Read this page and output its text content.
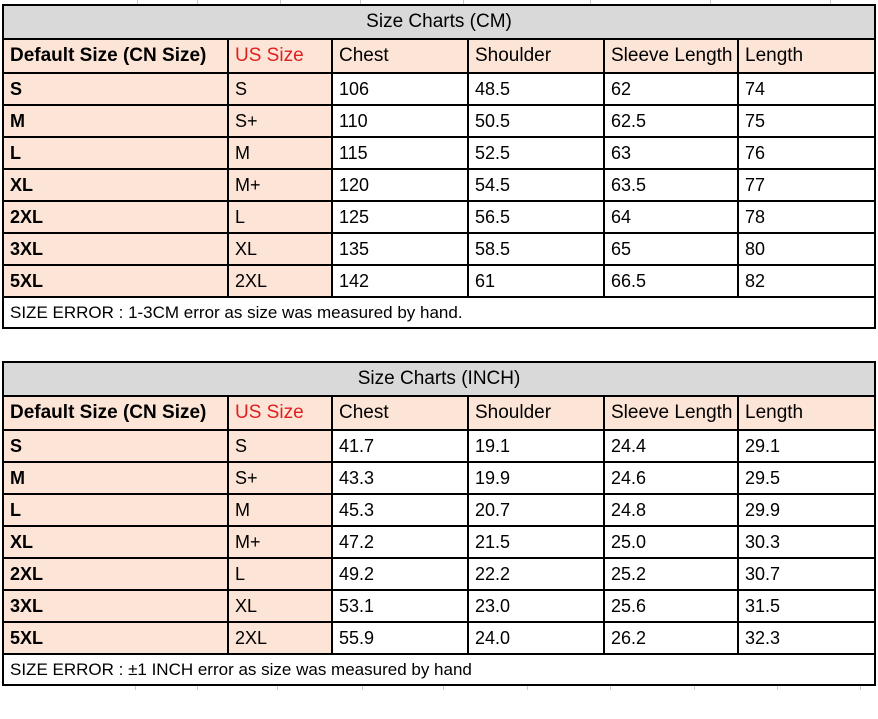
Size Charts (CM)					
Default Size (CN Size)	US Size	Chest	Shoulder	Sleeve Length	Length
S	S	106	48.5	62	74
M	S+	110	50.5	62.5	75
L	M	115	52.5	63	76
XL	M+	120	54.5	63.5	77
2XL	L	125	56.5	64	78
3XL	XL	135	58.5	65	80
5XL	2XL	142	61	66.5	82
SIZE ERROR : 1-3CM error as size was measured by hand.					
Size Charts (INCH)					
Default Size (CN Size)	US Size	Chest	Shoulder	Sleeve Length	Length
S	S	41.7	19.1	24.4	29.1
M	S+	43.3	19.9	24.6	29.5
L	M	45.3	20.7	24.8	29.9
XL	M+	47.2	21.5	25.0	30.3
2XL	L	49.2	22.2	25.2	30.7
3XL	XL	53.1	23.0	25.6	31.5
5XL	2XL	55.9	24.0	26.2	32.3
SIZE ERROR : ±1 INCH error as size was measured by hand					
